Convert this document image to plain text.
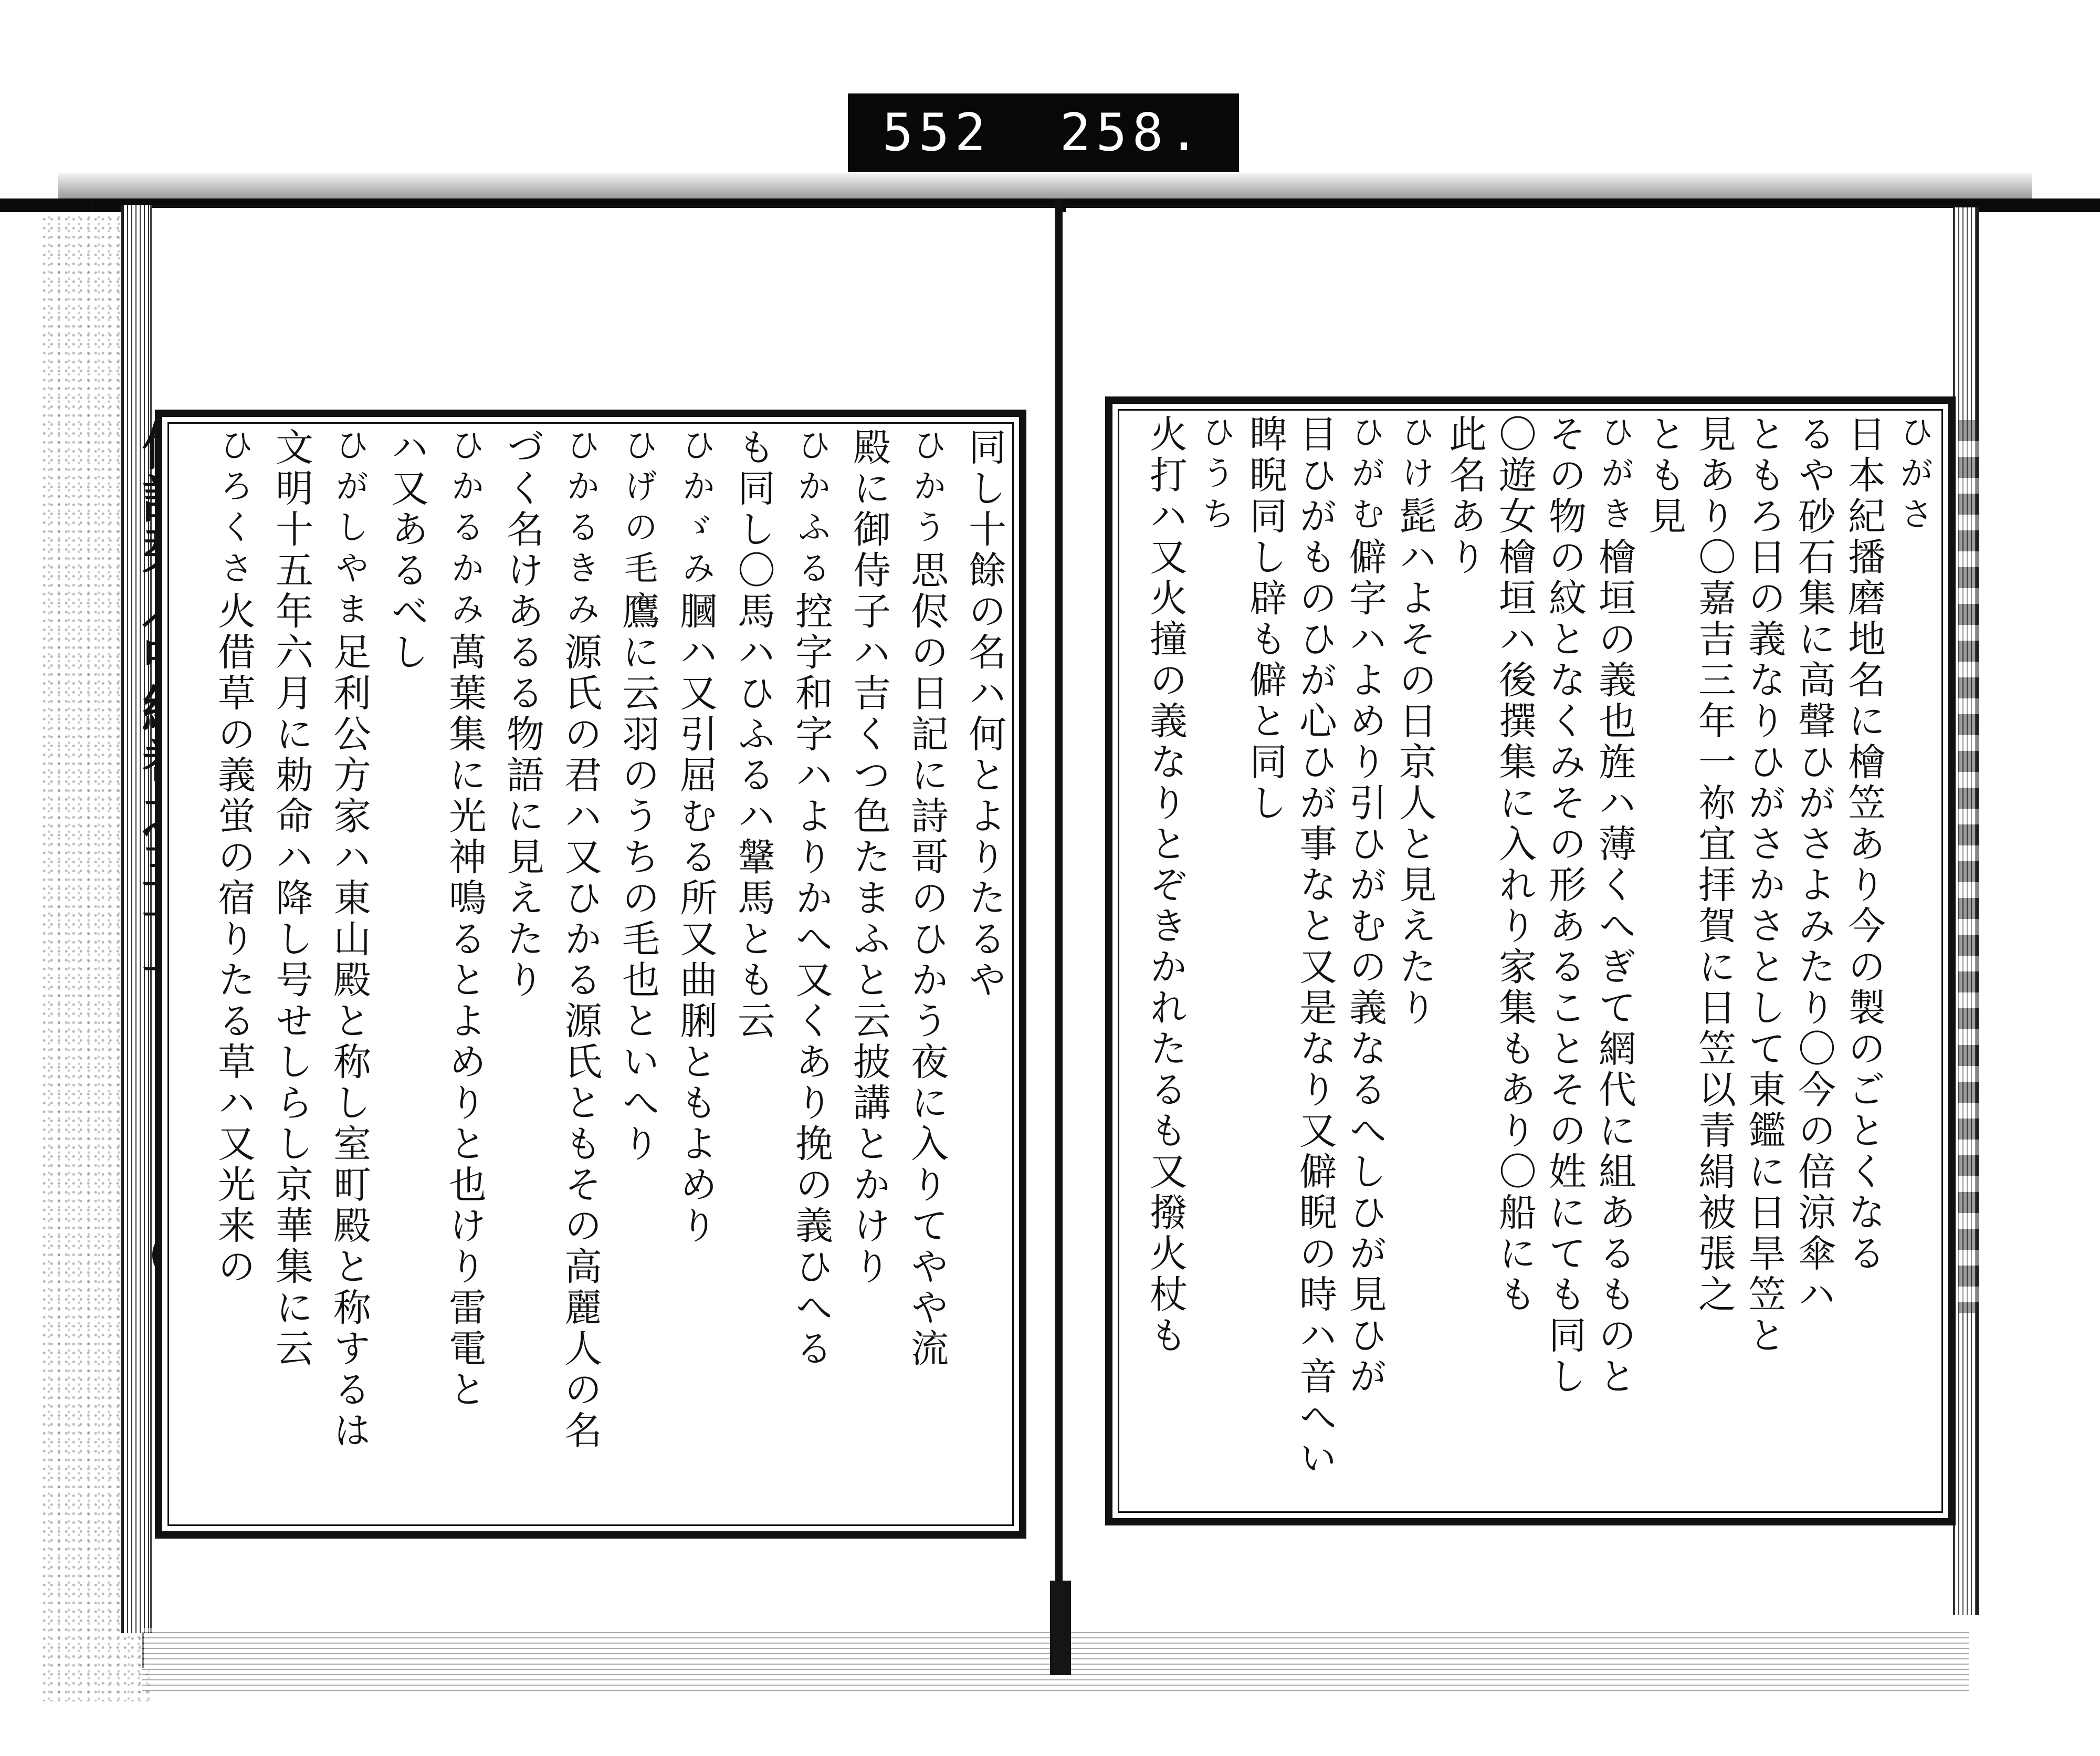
552 258.
同し十餘の名ハ何とよりたるや
ひかう思侭の日記に詩哥のひかう夜に入りてやや流
殿に御侍子ハ吉くつ色たまふと云披講とかけり
ひかふる控字和字ハよりかへ又くあり挽の義ひへる
も同し〇馬ハひふるハ鞶馬とも云
ひかゞみ膕ハ又引屈むる所又曲脷ともよめり
ひげの毛鷹に云羽のうちの毛也といへり
ひかるきみ源氏の君ハ又ひかる源氏ともその高麗人の名
づく名けあるる物語に見えたり
ひかるかみ萬葉集に光神鳴るとよめりと也けり雷電と
ハ又あるべし
ひがしやま足利公方家ハ東山殿と称し室町殿と称するは
文明十五年六月に勅命ハ降し号せしらし京華集に云
ひろくさ火借草の義蛍の宿りたる草ハ又光来の
ひがさ
日本紀播磨地名に檜笠あり今の製のごとくなる
るや砂石集に高聲ひがさよみたり〇今の倍涼傘ハ
ともろ日の義なりひがさかさとして東鑑に日旱笠と
見あり〇嘉吉三年一祢宜拝賀に日笠以青絹被張之
とも見
ひがき檜垣の義也旌ハ薄くへぎて網代に組あるものと
その物の紋となくみその形あることその姓にても同し
〇遊女檜垣ハ後撰集に入れり家集もあり〇船にも
此名あり
ひけ髭ハよその日京人と見えたり
ひがむ僻字ハよめり引ひがむの義なるへしひが見ひが
目ひがものひが心ひが事なと又是なり又僻睨の時ハ音へい
睥睨同し辟も僻と同し
ひうち
火打ハ又火撞の義なりとぞきかれたるも又撥火杖も
